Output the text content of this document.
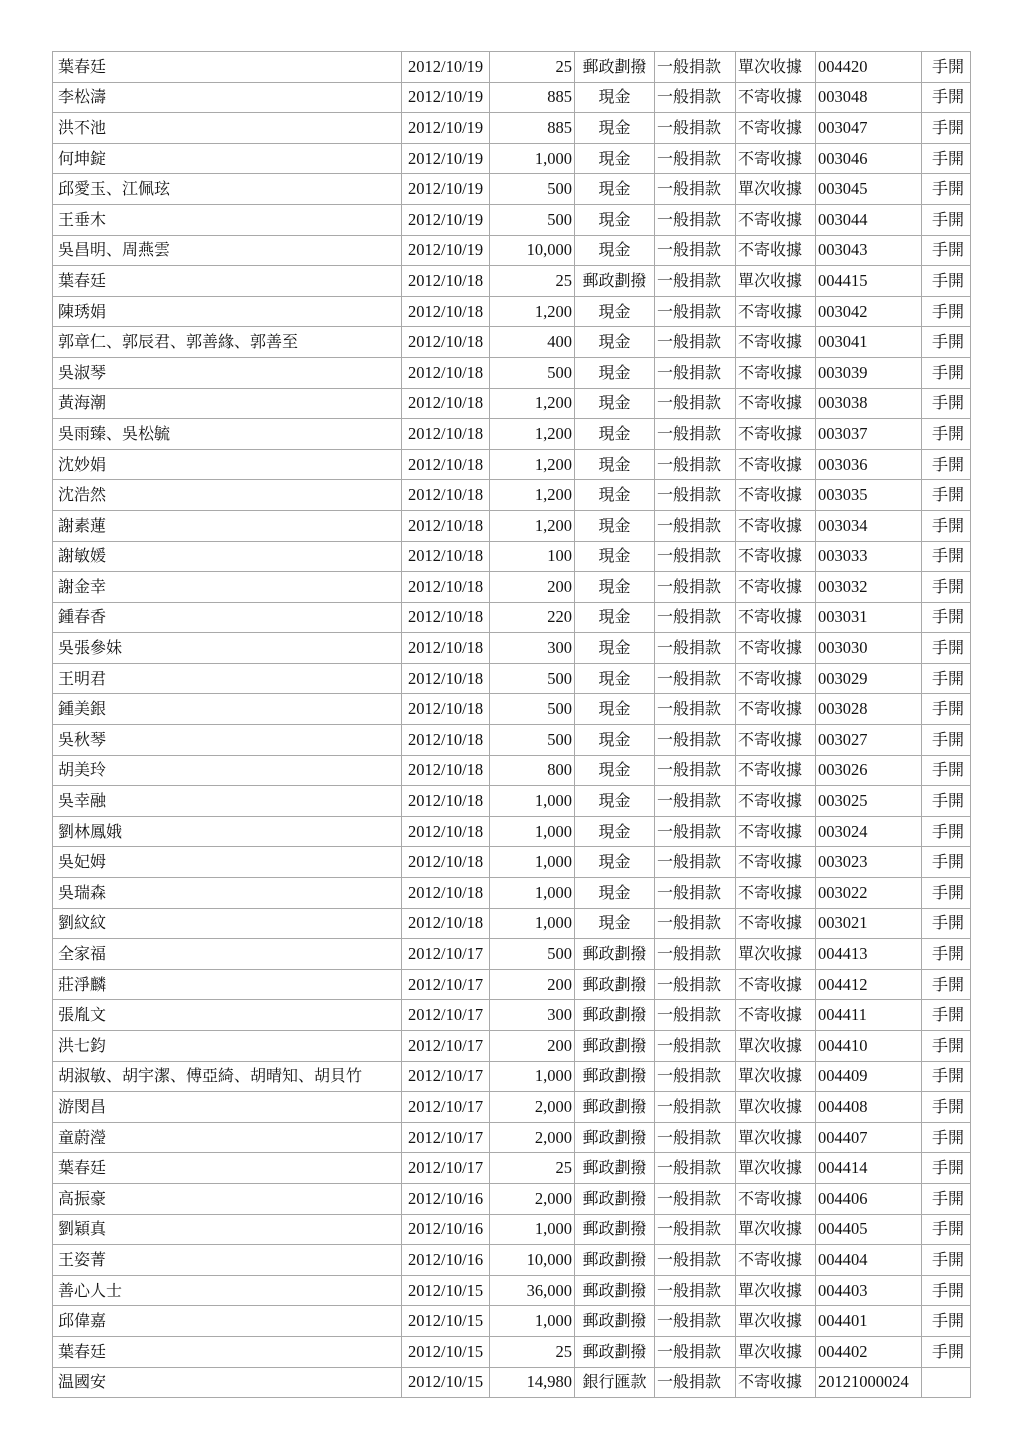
葉春廷	2012/10/19	25	郵政劃撥	一般捐款	單次收據	004420	手開
李松濤	2012/10/19	885	現金	一般捐款	不寄收據	003048	手開
洪不池	2012/10/19	885	現金	一般捐款	不寄收據	003047	手開
何坤錠	2012/10/19	1,000	現金	一般捐款	不寄收據	003046	手開
邱愛玉、江佩玹	2012/10/19	500	現金	一般捐款	單次收據	003045	手開
王垂木	2012/10/19	500	現金	一般捐款	不寄收據	003044	手開
吳昌明、周燕雲	2012/10/19	10,000	現金	一般捐款	不寄收據	003043	手開
葉春廷	2012/10/18	25	郵政劃撥	一般捐款	單次收據	004415	手開
陳琇娟	2012/10/18	1,200	現金	一般捐款	不寄收據	003042	手開
郭章仁、郭辰君、郭善緣、郭善至	2012/10/18	400	現金	一般捐款	不寄收據	003041	手開
吳淑琴	2012/10/18	500	現金	一般捐款	不寄收據	003039	手開
黃海潮	2012/10/18	1,200	現金	一般捐款	不寄收據	003038	手開
吳雨臻、吳松毓	2012/10/18	1,200	現金	一般捐款	不寄收據	003037	手開
沈妙娟	2012/10/18	1,200	現金	一般捐款	不寄收據	003036	手開
沈浩然	2012/10/18	1,200	現金	一般捐款	不寄收據	003035	手開
謝素蓮	2012/10/18	1,200	現金	一般捐款	不寄收據	003034	手開
謝敏媛	2012/10/18	100	現金	一般捐款	不寄收據	003033	手開
謝金幸	2012/10/18	200	現金	一般捐款	不寄收據	003032	手開
鍾春香	2012/10/18	220	現金	一般捐款	不寄收據	003031	手開
吳張參妹	2012/10/18	300	現金	一般捐款	不寄收據	003030	手開
王明君	2012/10/18	500	現金	一般捐款	不寄收據	003029	手開
鍾美銀	2012/10/18	500	現金	一般捐款	不寄收據	003028	手開
吳秋琴	2012/10/18	500	現金	一般捐款	不寄收據	003027	手開
胡美玲	2012/10/18	800	現金	一般捐款	不寄收據	003026	手開
吳幸融	2012/10/18	1,000	現金	一般捐款	不寄收據	003025	手開
劉林鳳娥	2012/10/18	1,000	現金	一般捐款	不寄收據	003024	手開
吳妃姆	2012/10/18	1,000	現金	一般捐款	不寄收據	003023	手開
吳瑞森	2012/10/18	1,000	現金	一般捐款	不寄收據	003022	手開
劉紋紋	2012/10/18	1,000	現金	一般捐款	不寄收據	003021	手開
全家福	2012/10/17	500	郵政劃撥	一般捐款	單次收據	004413	手開
莊淨麟	2012/10/17	200	郵政劃撥	一般捐款	不寄收據	004412	手開
張胤文	2012/10/17	300	郵政劃撥	一般捐款	不寄收據	004411	手開
洪七鈞	2012/10/17	200	郵政劃撥	一般捐款	單次收據	004410	手開
胡淑敏、胡宇潔、傅亞綺、胡晴知、胡貝竹	2012/10/17	1,000	郵政劃撥	一般捐款	單次收據	004409	手開
游閔昌	2012/10/17	2,000	郵政劃撥	一般捐款	單次收據	004408	手開
童蔚瀅	2012/10/17	2,000	郵政劃撥	一般捐款	單次收據	004407	手開
葉春廷	2012/10/17	25	郵政劃撥	一般捐款	單次收據	004414	手開
高振豪	2012/10/16	2,000	郵政劃撥	一般捐款	不寄收據	004406	手開
劉穎真	2012/10/16	1,000	郵政劃撥	一般捐款	單次收據	004405	手開
王姿菁	2012/10/16	10,000	郵政劃撥	一般捐款	不寄收據	004404	手開
善心人士	2012/10/15	36,000	郵政劃撥	一般捐款	單次收據	004403	手開
邱偉嘉	2012/10/15	1,000	郵政劃撥	一般捐款	單次收據	004401	手開
葉春廷	2012/10/15	25	郵政劃撥	一般捐款	單次收據	004402	手開
温國安	2012/10/15	14,980	銀行匯款	一般捐款	不寄收據	20121000024	
